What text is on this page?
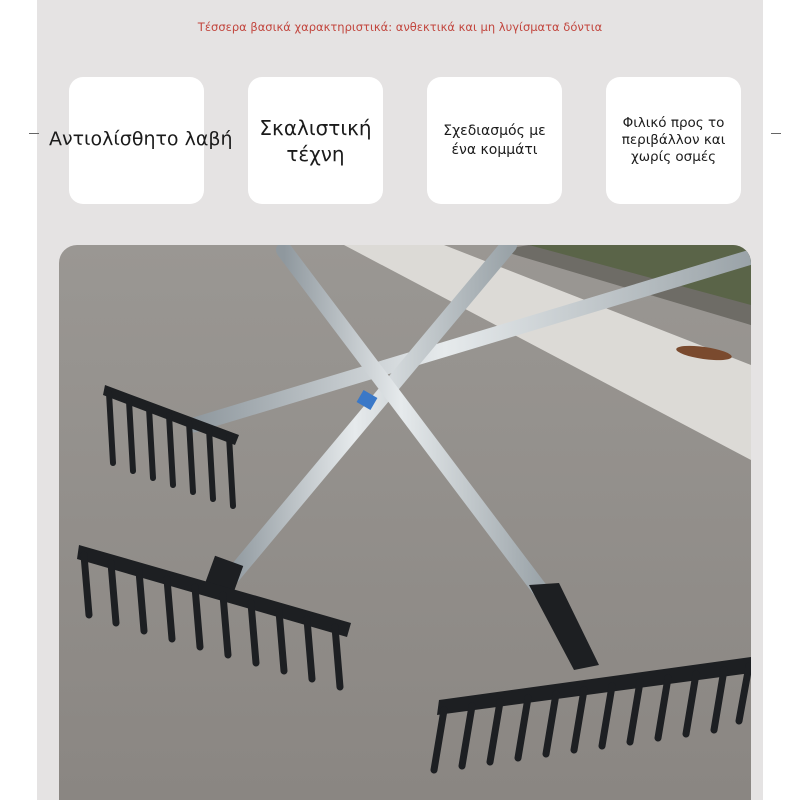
Τέσσερα βασικά χαρακτηριστικά: ανθεκτικά και μη λυγίσματα δόντια
Αντιολίσθητο λαβή	Σκαλιστική τέχνη
Σχεδιασμός με ένα κομμάτι
Φιλικό προς το περιβάλλον και χωρίς οσμές
